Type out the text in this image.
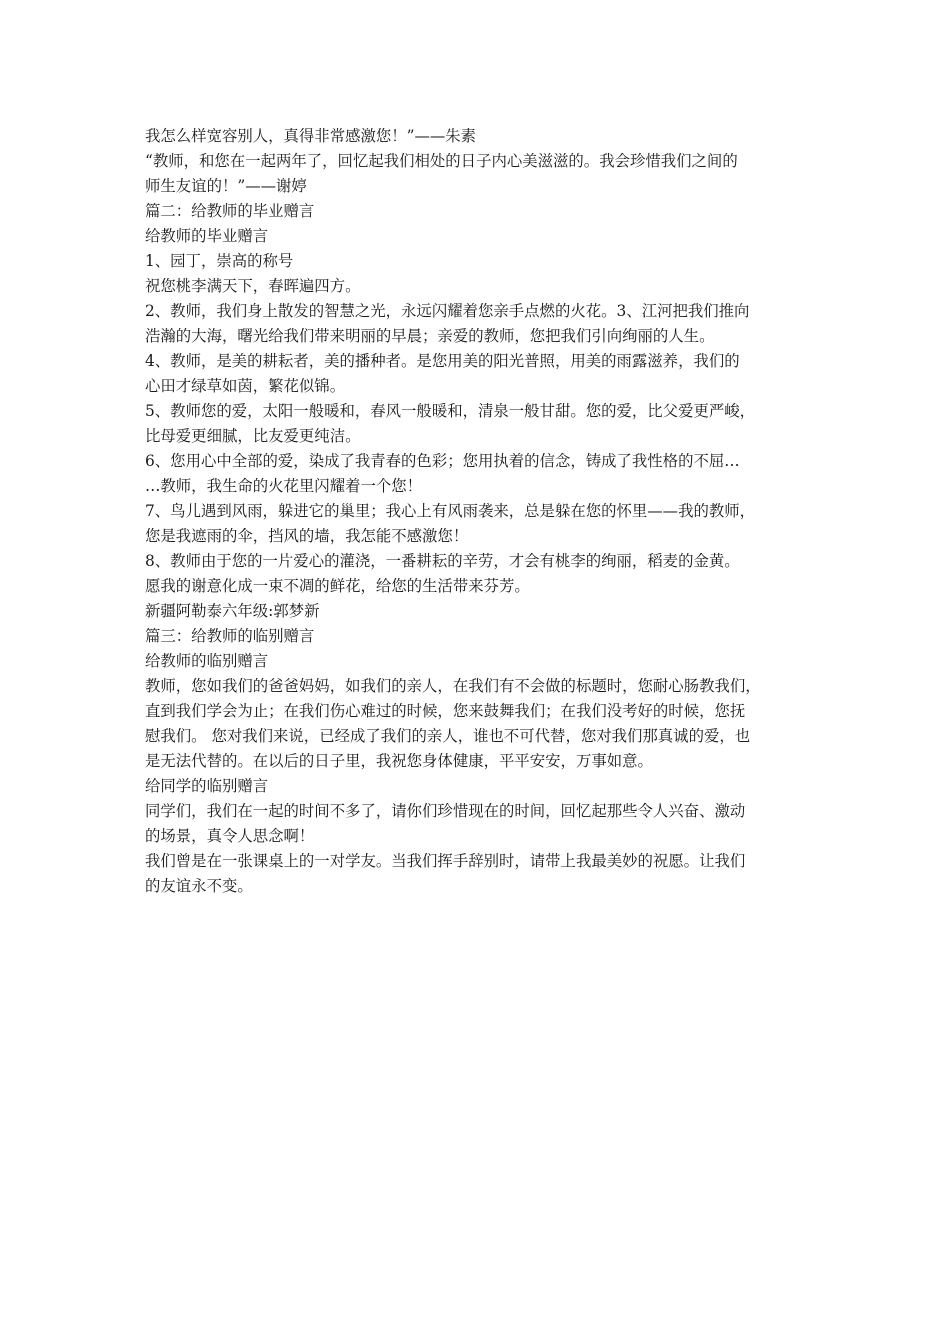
我怎么样宽容别人，真得非常感激您！”——朱素
“教师，和您在一起两年了，回忆起我们相处的日子内心美滋滋的。我会珍惜我们之间的
师生友谊的！”——谢婷
篇二：给教师的毕业赠言
给教师的毕业赠言
1、园丁，崇高的称号
祝您桃李满天下，春晖遍四方。
2、教师，我们身上散发的智慧之光，永远闪耀着您亲手点燃的火花。3、江河把我们推向
浩瀚的大海，曙光给我们带来明丽的早晨；亲爱的教师，您把我们引向绚丽的人生。
4、教师，是美的耕耘者，美的播种者。是您用美的阳光普照，用美的雨露滋养，我们的
心田才绿草如茵，繁花似锦。
5、教师您的爱，太阳一般暖和，春风一般暖和，清泉一般甘甜。您的爱，比父爱更严峻，
比母爱更细腻，比友爱更纯洁。
6、您用心中全部的爱，染成了我青春的色彩；您用执着的信念，铸成了我性格的不屈…
…教师，我生命的火花里闪耀着一个您！
7、鸟儿遇到风雨，躲进它的巢里；我心上有风雨袭来，总是躲在您的怀里——我的教师，
您是我遮雨的伞，挡风的墙，我怎能不感激您！
8、教师由于您的一片爱心的灌浇，一番耕耘的辛劳，才会有桃李的绚丽，稻麦的金黄。
愿我的谢意化成一束不凋的鲜花，给您的生活带来芬芳。
新疆阿勒泰六年级:郭梦新
篇三：给教师的临别赠言
给教师的临别赠言
教师，您如我们的爸爸妈妈，如我们的亲人，在我们有不会做的标题时，您耐心肠教我们，
直到我们学会为止；在我们伤心难过的时候，您来鼓舞我们；在我们没考好的时候，您抚
慰我们。 您对我们来说，已经成了我们的亲人，谁也不可代替，您对我们那真诚的爱，也
是无法代替的。在以后的日子里，我祝您身体健康，平平安安，万事如意。
给同学的临别赠言
同学们，我们在一起的时间不多了，请你们珍惜现在的时间，回忆起那些令人兴奋、激动
的场景，真令人思念啊！
我们曾是在一张课桌上的一对学友。当我们挥手辞别时，请带上我最美妙的祝愿。让我们
的友谊永不变。
